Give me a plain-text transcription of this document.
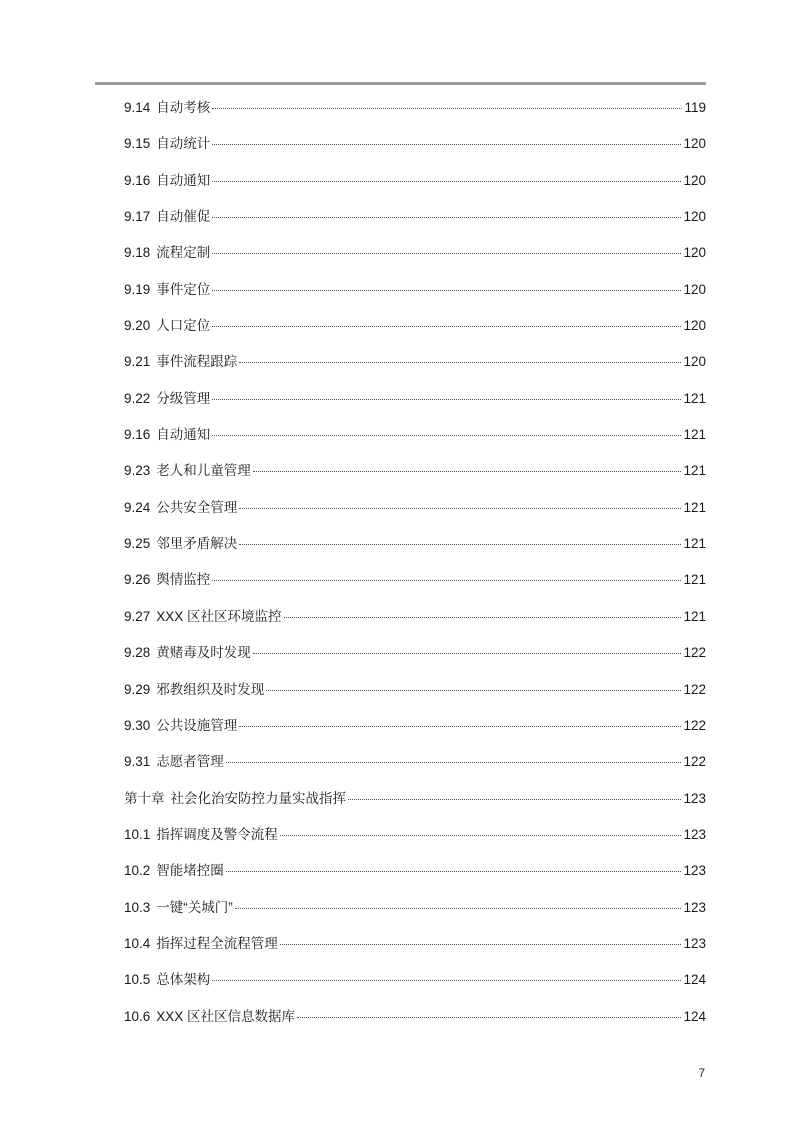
9.14 自动考核	119
9.15 自动统计	120
9.16 自动通知	120
9.17 自动催促	120
9.18 流程定制	120
9.19 事件定位	120
9.20 人口定位	120
9.21 事件流程跟踪	120
9.22 分级管理	121
9.16 自动通知	121
9.23 老人和儿童管理	121
9.24 公共安全管理	121
9.25 邻里矛盾解决	121
9.26 舆情监控	121
9.27 XXX 区社区环境监控	121
9.28 黄赌毒及时发现	122
9.29 邪教组织及时发现	122
9.30 公共设施管理	122
9.31 志愿者管理	122
第十章 社会化治安防控力量实战指挥	123
10.1 指挥调度及警令流程	123
10.2 智能堵控圈	123
10.3 一键“关城门”	123
10.4 指挥过程全流程管理	123
10.5 总体架构	124
10.6 XXX 区社区信息数据库	124
7
